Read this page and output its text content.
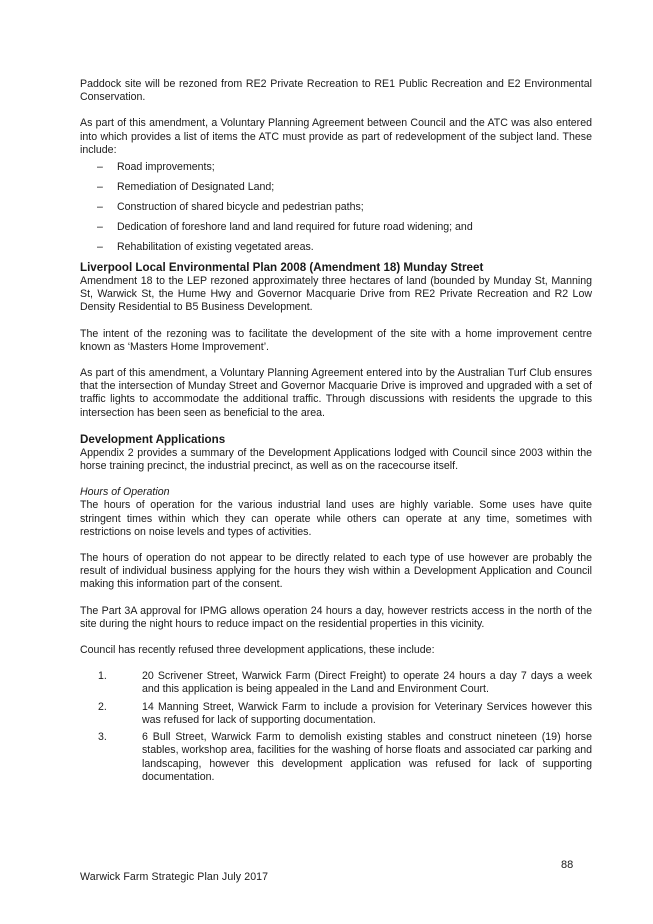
Paddock site will be rezoned from RE2 Private Recreation to RE1 Public Recreation and E2 Environmental Conservation.

As part of this amendment, a Voluntary Planning Agreement between Council and the ATC was also entered into which provides a list of items the ATC must provide as part of redevelopment of the subject land. These include:

– Road improvements;
– Remediation of Designated Land;
– Construction of shared bicycle and pedestrian paths;
– Dedication of foreshore land and land required for future road widening; and
– Rehabilitation of existing vegetated areas.
Liverpool Local Environmental Plan 2008 (Amendment 18) Munday Street

Amendment 18 to the LEP rezoned approximately three hectares of land (bounded by Munday St, Manning St, Warwick St, the Hume Hwy and Governor Macquarie Drive from RE2 Private Recreation and R2 Low Density Residential to B5 Business Development.

The intent of the rezoning was to facilitate the development of the site with a home improvement centre known as ‘Masters Home Improvement’.

As part of this amendment, a Voluntary Planning Agreement entered into by the Australian Turf Club ensures that the intersection of Munday Street and Governor Macquarie Drive is improved and upgraded with a set of traffic lights to accommodate the additional traffic. Through discussions with residents the upgrade to this intersection has been seen as beneficial to the area.

Development Applications

Appendix 2 provides a summary of the Development Applications lodged with Council since 2003 within the horse training precinct, the industrial precinct, as well as on the racecourse itself.

Hours of Operation

The hours of operation for the various industrial land uses are highly variable. Some uses have quite stringent times within which they can operate while others can operate at any time, sometimes with restrictions on noise levels and types of activities.

The hours of operation do not appear to be directly related to each type of use however are probably the result of individual business applying for the hours they wish within a Development Application and Council making this information part of the consent.

The Part 3A approval for IPMG allows operation 24 hours a day, however restricts access in the north of the site during the night hours to reduce impact on the residential properties in this vicinity.

Council has recently refused three development applications, these include:

1.	20 Scrivener Street, Warwick Farm (Direct Freight) to operate 24 hours a day 7 days a week and this application is being appealed in the Land and Environment Court.
2.	14 Manning Street, Warwick Farm to include a provision for Veterinary Services however this was refused for lack of supporting documentation.
3.	6 Bull Street, Warwick Farm to demolish existing stables and construct nineteen (19) horse stables, workshop area, facilities for the washing of horse floats and associated car parking and landscaping, however this development application was refused for lack of supporting documentation.
88
Warwick Farm Strategic Plan July 2017
